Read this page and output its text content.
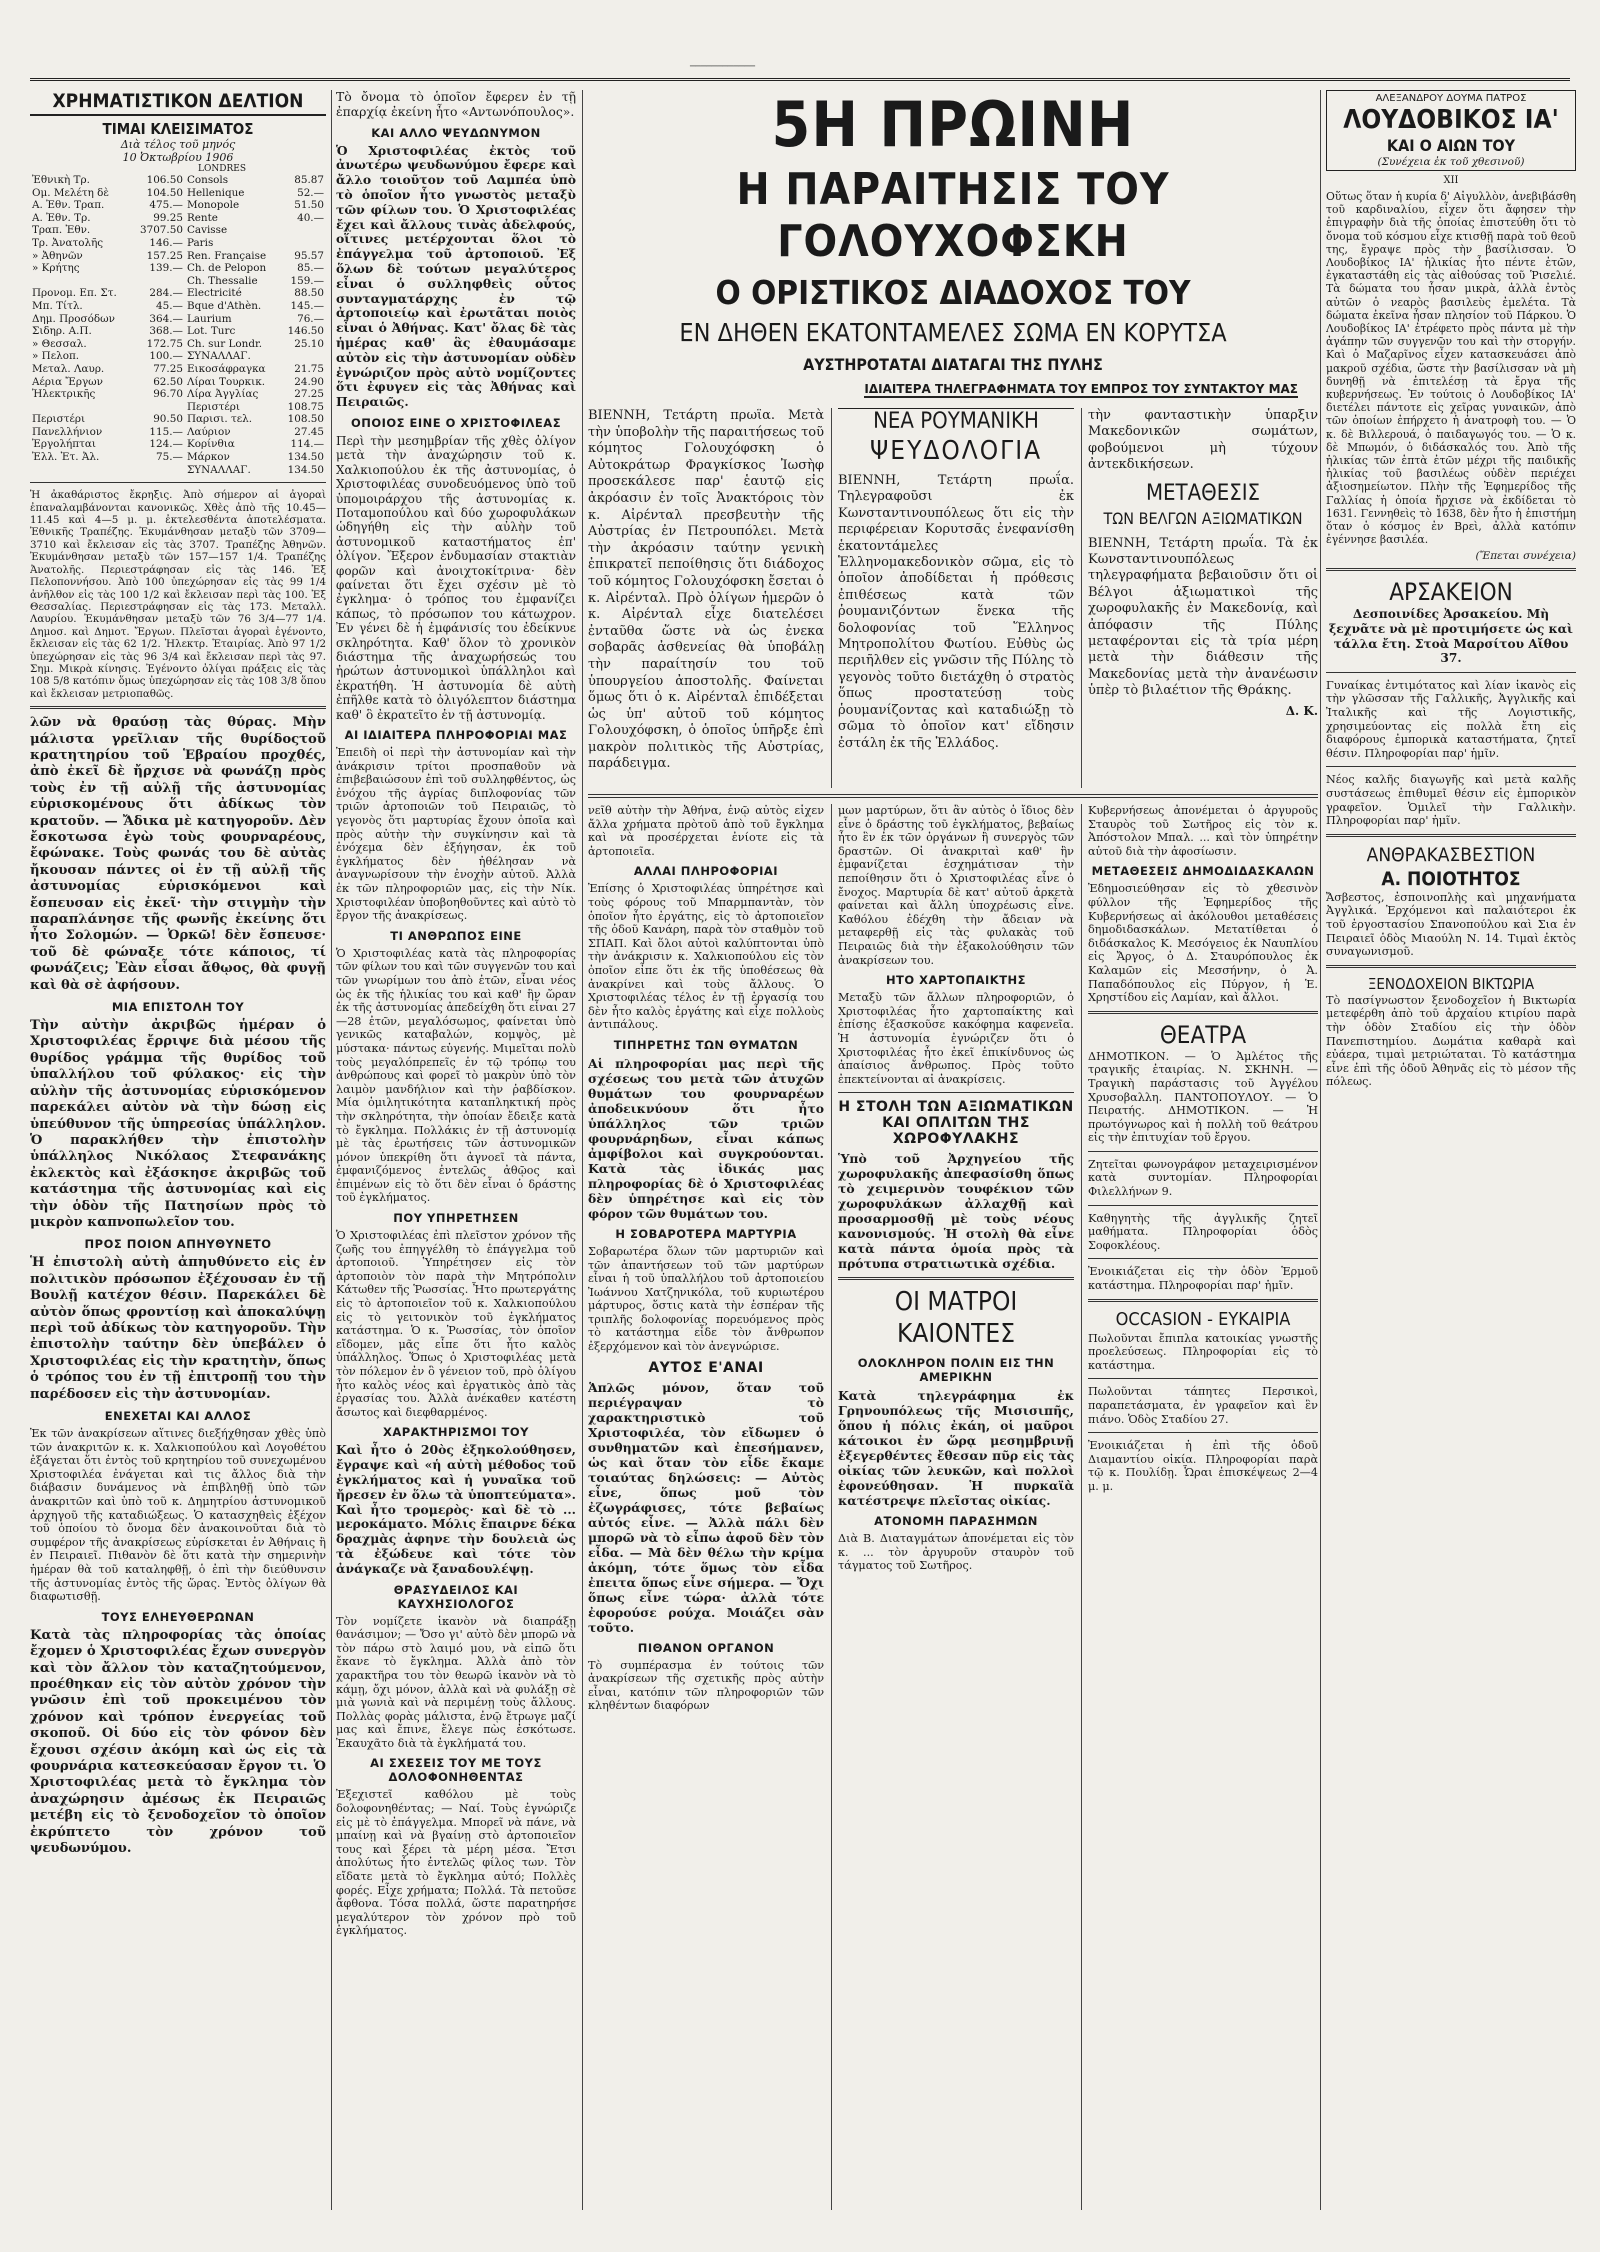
────────────
ΧΡΗΜΑΤΙΣΤΙΚΟΝ ΔΕΛΤΙΟΝ
ΤΙΜΑΙ ΚΛΕΙΣΙΜΑΤΟΣ
Διὰ τέλος τοῦ μηνός
10 Ὀκτωβρίου 1906
LONDRES
Ἐθνικὴ Τρ.	106.50	Consols	85.87
Ομ. Μελέτη δὲ	104.50	Hellenique	52.—
Α. Ἐθν. Τραπ.	475.—	Monopole	51.50
Α. Ἐθν. Τρ.	99.25	Rente	40.—
Τραπ. Ἐθν.	3707.50	Cavisse	
Τρ. Ἀνατολῆς	146.—	Paris	
» Ἀθηνῶν	157.25	Ren. Française	95.57
» Κρήτης	139.—	Ch. de Pelopon	85.—
		Ch. Thessalie	159.—
Προνομ. Επ. Στ.	284.—	Electricité	88.50
Μπ. Τίτλ.	45.—	Bque d'Athèn.	145.—
Δημ. Προσόδων	364.—	Laurium	76.—
Σιδηρ. Α.Π.	368.—	Lot. Turc	146.50
» Θεσσαλ.	172.75	Ch. sur Londr.	25.10
» Πελοπ.	100.—	ΣΥΝΑΛΛΑΓ.	
Μεταλ. Λαυρ.	77.25	Εικοσάφραγκα	21.75
Αέρια Ἔργων	62.50	Λίραι Τουρκικ.	24.90
Ἠλεκτρικῆς	96.70	Λίρα Ἀγγλίας	27.25
		Περιστέρι	108.75
Περιστέρι	90.50	Παρισι. τελ.	108.50
Πανελλήνιον	115.—	Λαύριον	27.45
Ἐργολήπται	124.—	Κορίνθια	114.—
Ἐλλ. Ἐτ. Ἀλ.	75.—	Μάρκον	134.50
		ΣΥΝΑΛΛΑΓ.	134.50

Ἡ ἀκαθάριστος ἔκρηξις. Ἀπὸ σήμερον αἱ ἀγοραὶ ἐπαναλαμβάνονται κανονικῶς. Χθὲς ἀπὸ τῆς 10.45—11.45 καὶ 4—5 μ. μ. ἐκτελεσθέντα ἀποτελέσματα. Ἐθνικῆς Τραπέζης. Ἐκυμάνθησαν μεταξὺ τῶν 3709—3710 καὶ ἔκλεισαν εἰς τὰς 3707. Τραπέζης Ἀθηνῶν. Ἐκυμάνθησαν μεταξὺ τῶν 157—157 1/4. Τραπέζης Ἀνατολῆς. Περιεστράφησαν εἰς τὰς 146. Ἐξ Πελοποννήσου. Ἀπὸ 100 ὑπεχώρησαν εἰς τὰς 99 1/4 ἀνῆλθον εἰς τὰς 100 1/2 καὶ ἔκλεισαν περὶ τὰς 100. Ἐξ Θεσσαλίας. Περιεστράφησαν εἰς τὰς 173. Μεταλλ. Λαυρίου. Ἐκυμάνθησαν μεταξὺ τῶν 76 3/4—77 1/4. Δημοσ. καὶ Δημοτ. Ἔργων. Πλεῖσται ἀγοραὶ ἐγένοντο, ἔκλεισαν εἰς τὰς 62 1/2. Ἠλεκτρ. Ἑταιρίας. Ἀπὸ 97 1/2 ὑπεχώρησαν εἰς τὰς 96 3/4 καὶ ἔκλεισαν περὶ τὰς 97. Σημ. Μικρὰ κίνησις. Ἐγένοντο ὀλίγαι πράξεις εἰς τὰς 108 5/8 κατόπιν ὅμως ὑπεχώρησαν εἰς τὰς 108 3/8 ὅπου καὶ ἔκλεισαν μετριοπαθῶς.

λῶν νὰ θραύσῃ τὰς θύρας. Μὴν μάλιστα γρεῖλιαν τῆς θυρίδοςτοῦ κρατητηρίου τοῦ Ἑβραίου προχθές, ἀπὸ ἐκεῖ δὲ ἤρχισε νὰ φωνάζῃ πρὸς τοὺς ἐν τῇ αὐλῇ τῆς ἀστυνομίας εὑρισκομένους ὅτι ἀδίκως τὸν κρατοῦν. — Ἄδικα μὲ κατηγοροῦν. Δὲν ἔσκοτωσα ἐγὼ τοὺς φουρναρέους, ἔφώνακε. Τοὺς φωνάς του δὲ αὐτὰς ἤκουσαν πάντες οἱ ἐν τῇ αὐλῇ τῆς ἀστυνομίας εὑρισκόμενοι καὶ ἔσπευσαν εἰς ἐκεῖ· τὴν στιγμὴν τὴν παραπλάνησε τῆς φωνῆς ἐκείνης ὅτι ἦτο Σολομών. — Ὀρκῶ! δὲν ἔσπευσε· τοῦ δὲ φώναξε τότε κάποιος, τί φωνάζεις; Ἐὰν εἶσαι ἄθῳος, θὰ φυγῇ καὶ θὰ σὲ ἀφήσουν.

ΜΙΑ ΕΠΙΣΤΟΛΗ ΤΟΥ

Τὴν αὐτὴν ἀκριβῶς ἡμέραν ὁ Χριστοφιλέας ἔρριψε διὰ μέσου τῆς θυρίδος γράμμα τῆς θυρίδος τοῦ ὑπαλλήλου τοῦ φύλακος· εἰς τὴν αὐλὴν τῆς ἀστυνομίας εὑρισκόμενον παρεκάλει αὐτὸν νὰ τὴν δώσῃ εἰς ὑπεύθυνον τῆς ὑπηρεσίας ὑπάλληλον. Ὁ παρακλήθεν τὴν ἐπιστολὴν ὑπάλληλος Νικόλαος Στεφανάκης ἐκλεκτὸς καὶ ἐξάσκησε ἀκριβῶς τοῦ κατάστημα τῆς ἀστυνομίας καὶ εἰς τὴν ὁδὸν τῆς Πατησίων πρὸς τὸ μικρὸν καπνοπωλεῖον του.

ΠΡΟΣ ΠΟΙΟΝ ΑΠΗΥΘΥΝΕΤΟ

Ἡ ἐπιστολὴ αὐτὴ ἀπηυθύνετο εἰς ἐν πολιτικὸν πρόσωπον ἐξέχουσαν ἐν τῇ Βουλῇ κατέχον θέσιν. Παρεκάλει δὲ αὐτὸν ὅπως φροντίσῃ καὶ ἀποκαλύψῃ περὶ τοῦ ἀδίκως τὸν κατηγοροῦν. Τὴν ἐπιστολὴν ταύτην δὲν ὑπεβάλεν ὁ Χριστοφιλέας εἰς τὴν κρατητὴν, ὅπως ὁ τρόπος του ἐν τῇ ἐπιτροπῇ του τὴν παρέδοσεν εἰς τὴν ἀστυνομίαν.

ΕΝΕΧΕΤΑΙ ΚΑΙ ΑΛΛΟΣ

Ἐκ τῶν ἀνακρίσεων αἵτινες διεξήχθησαν χθὲς ὑπὸ τῶν ἀνακριτῶν κ. κ. Χαλκιοπούλου καὶ Λογοθέτου ἐξάγεται ὅτι ἐντὸς τοῦ κρητηρίου τοῦ συνεχωμένου Χριστοφιλέα ἐνάγεται καὶ τις ἄλλος διὰ τὴν διάβασιν δυνάμενος νὰ ἐπιβληθῇ ὑπὸ τῶν ἀνακριτῶν καὶ ὑπὸ τοῦ κ. Δημητρίου ἀστυνομικοῦ ἀρχηγοῦ τῆς καταδιώξεως. Ὁ κατασχηθεὶς ἐξέχον τοῦ ὁποίου τὸ ὄνομα δὲν ἀνακοινοῦται διὰ τὸ συμφέρον τῆς ἀνακρίσεως εὑρίσκεται ἐν Ἀθήναις ἢ ἐν Πειραιεῖ. Πιθανὸν δὲ ὅτι κατὰ τὴν σημερινὴν ἡμέραν θὰ τοῦ καταληφθῇ, ὁ ἐπὶ τὴν διεύθυνσιν τῆς ἀστυνομίας ἐντὸς τῆς ὥρας. Ἐντὸς ὀλίγων θὰ διαφωτισθῇ.

ΤΟΥΣ ΕΛΗΕΥΘΕΡΩΝΑΝ

Κατὰ τὰς πληροφορίας τὰς ὁποίας ἔχομεν ὁ Χριστοφιλέας ἔχων συνεργὸν καὶ τὸν ἄλλον τὸν καταζητούμενον, προέθηκαν εἰς τὸν αὐτὸν χρόνον τὴν γνῶσιν ἐπὶ τοῦ προκειμένου τὸν χρόνον καὶ τρόπον ἐνεργείας τοῦ σκοποῦ. Οἱ δύο εἰς τὸν φόνον δὲν ἔχουσι σχέσιν ἀκόμη καὶ ὡς εἰς τὰ φουρνάρια κατεσκεύασαν ἔργον τι. Ὁ Χριστοφιλέας μετὰ τὸ ἔγκλημα τὸν ἀναχώρησιν ἀμέσως ἐκ Πειραιῶς μετέβη εἰς τὸ ξενοδοχεῖον τὸ ὁποῖον ἐκρύπτετο τὸν χρόνον τοῦ ψευδωνύμου.

Τὸ ὄνομα τὸ ὁποῖον ἔφερεν ἐν τῇ ἐπαρχίᾳ ἐκείνη ἦτο «Αντωνόπουλος».

ΚΑΙ ΑΛΛΟ ΨΕΥΔΩΝΥΜΟΝ

Ὁ Χριστοφιλέας ἐκτὸς τοῦ ἀνωτέρω ψευδωνύμου ἔφερε καὶ ἄλλο τοιοῦτον τοῦ Λαμπέα ὑπὸ τὸ ὁποῖον ἦτο γνωστὸς μεταξὺ τῶν φίλων του. Ὁ Χριστοφιλέας ἔχει καὶ ἄλλους τινὰς ἀδελφούς, οἵτινες μετέρχονται ὅλοι τὸ ἐπάγγελμα τοῦ ἀρτοποιοῦ. Ἐξ ὅλων δὲ τούτων μεγαλύτερος εἶναι ὁ συλληφθεὶς οὗτος συνταγματάρχης ἐν τῷ ἀρτοποιείῳ καὶ ἐρωτᾶται ποιὸς εἶναι ὁ Ἀθήνας. Κατ' ὄλας δὲ τὰς ἡμέρας καθ' ἃς ἐθαυμάσαμε αὐτὸν εἰς τὴν ἀστυνομίαν οὐδὲν ἐγνώριζον πρὸς αὐτὸ νομίζοντες ὅτι ἐφυγεν εἰς τὰς Ἀθήνας καὶ Πειραιῶς.

ΟΠΟΙΟΣ ΕΙΝΕ Ο ΧΡΙΣΤΟΦΙΛΕΑΣ

Περὶ τὴν μεσημβρίαν τῆς χθὲς ὀλίγον μετὰ τὴν ἀναχώρησιν τοῦ κ. Χαλκιοπούλου ἐκ τῆς ἀστυνομίας, ὁ Χριστοφιλέας συνοδευόμενος ὑπὸ τοῦ ὑπομοιράρχου τῆς ἀστυνομίας κ. Ποταμοπούλου καὶ δύο χωροφυλάκων ὡδηγήθη εἰς τὴν αὐλὴν τοῦ ἀστυνομικοῦ καταστήματος ἐπ' ὀλίγον. Ἔξερον ἐνδυμασίαν στακτιὰν φορῶν καὶ ἀνοιχτοκίτρινα· δὲν φαίνεται ὅτι ἔχει σχέσιν μὲ τὸ ἐγκλημα· ὁ τρόπος του ἐμφανίζει κάπως, τὸ πρόσωπον του κάτωχρον. Ἐν γένει δὲ ἡ ἐμφάνισίς του ἐδείκνυε σκληρότητα. Καθ' ὅλον τὸ χρονικὸν διάστημα τῆς ἀναχωρήσεώς του ἠρώτων ἀστυνομικοὶ ὑπάλληλοι καὶ ἐκρατήθη. Ἡ ἀστυνομία δὲ αὐτὴ ἐπῆλθε κατὰ τὸ ὀλιγόλεπτον διάστημα καθ' ὃ ἐκρατεῖτο ἐν τῇ ἀστυνομίᾳ.

ΑΙ ΙΔΙΑΙΤΕΡΑ ΠΛΗΡΟΦΟΡΙΑΙ ΜΑΣ

Ἐπειδὴ οἱ περὶ τὴν ἀστυνομίαν καὶ τὴν ἀνάκρισιν τρίτοι προσπαθοῦν νὰ ἐπιβεβαιώσουν ἐπὶ τοῦ συλληφθέντος, ὡς ἐνόχου τῆς ἀγρίας διπλοφονίας τῶν τριῶν ἀρτοποιῶν τοῦ Πειραιῶς, τὸ γεγονὸς ὅτι μαρτυρίας ἔχουν ὁποῖα καὶ πρὸς αὐτὴν τὴν συγκίνησιν καὶ τὰ ἐνόχεμα δὲν ἐξήγησαν, ἐκ τοῦ ἐγκλήματος δὲν ἠθέλησαν νὰ ἀναγνωρίσουν τὴν ἐνοχὴν αὐτοῦ. Ἀλλὰ ἐκ τῶν πληροφοριῶν μας, εἰς τὴν Νίκ. Χριστοφιλέαν ὑποβοηθοῦντες καὶ αὐτὸ τὸ ἔργον τῆς ἀνακρίσεως.

ΤΙ ΑΝΘΡΩΠΟΣ ΕΙΝΕ

Ὁ Χριστοφιλέας κατὰ τὰς πληροφορίας τῶν φίλων του καὶ τῶν συγγενῶν του καὶ τῶν γνωρίμων του ἀπὸ ἐτῶν, εἶναι νέος ὡς ἐκ τῆς ἡλικίας του καὶ καθ' ἣν ὥραν ἐκ τῆς ἀστυνομίας ἀπεδείχθη ὅτι εἶναι 27—28 ἐτῶν, μεγαλόσωμος, φαίνεται ὑπὸ γενικῶς καταβαλών, κομψὸς, μὲ μύστακα· πάντως εὐγενής. Μιμεῖται πολὺ τοὺς μεγαλόπρεπεῖς ἐν τῷ τρόπῳ του ἀνθρώπους καὶ φορεῖ τὸ μακρὺν ὑπὸ τὸν λαιμὸν μανδήλιον καὶ τὴν ῥαβδίσκον. Μία ὁμιλητικότητα καταπληκτική πρὸς τὴν σκληρότητα, τὴν ὁποίαν ἔδειξε κατὰ τὸ ἔγκλημα. Πολλάκις ἐν τῇ ἀστυνομίᾳ μὲ τὰς ἐρωτήσεις τῶν ἀστυνομικῶν μόνον ὑπεκρίθη ὅτι ἀγνοεῖ τὰ πάντα, ἐμφανιζόμενος ἐντελῶς ἀθῷος καὶ ἐπιμένων εἰς τὸ ὅτι δὲν εἶναι ὁ δράστης τοῦ ἐγκλήματος.

ΠΟΥ ΥΠΗΡΕΤΗΣΕΝ

Ὁ Χριστοφιλέας ἐπὶ πλεῖστον χρόνον τῆς ζωῆς του ἐπηγγέλθη τὸ ἐπάγγελμα τοῦ ἀρτοποιοῦ. Ὑπηρέτησεν εἰς τὸν ἀρτοποιὸν τὸν παρὰ τὴν Μητρόπολιν Κάτωθεν τῆς Ῥωσσίας. Ἦτο πρωτεργάτης εἰς τὸ ἀρτοποιεῖον τοῦ κ. Χαλκιοπούλου εἰς τὸ γειτονικὸν τοῦ ἐγκλήματος κατάστημα. Ὁ κ. Ῥωσσίας, τὸν ὁποῖον εἴδομεν, μᾶς εἶπε ὅτι ἦτο καλὸς ὑπάλληλος. Ὅπως ὁ Χριστοφιλέας μετὰ τὸν πόλεμον ἐν ὃ γένειον τοῦ, πρὸ ὀλίγου ἦτο καλὸς νέος καὶ ἐργατικὸς ἀπὸ τὰς ἐργασίας του. Ἀλλὰ ἀνέκαθεν κατέστη ἄσωτος καὶ διεφθαρμένος.

ΧΑΡΑΚΤΗΡΙΣΜΟΙ ΤΟΥ

Καὶ ἦτο ὁ 20ὸς ἐξηκολούθησεν, ἔγραψε καὶ «ἡ αὐτὴ μέθοδος τοῦ ἐγκλήματος καὶ ἡ γυναῖκα τοῦ ἤρεσεν ἐν ὅλω τὰ ὑποπτεύματα». Καὶ ἦτο τρομερὸς· καὶ δὲ τὸ ... μεροκάματο. Μόλις ἔπαιρνε δέκα δραχμὰς ἀφηνε τὴν δουλειὰ ὡς τὰ ἐξώδευε καὶ τότε τὸν ἀνάγκαζε νὰ ξαναδουλέψῃ.

ΘΡΑΣΥΔΕΙΛΟΣ ΚΑΙ ΚΑΥΧΗΣΙΟΛΟΓΟΣ

Τὸν νομίζετε ἱκανὸν νὰ διαπράξῃ θανάσιμον; — Ὄσο γι' αὐτὸ δὲν μπορῶ νὰ τὸν πάρω στὸ λαιμό μου, νὰ εἰπῶ ὅτι ἔκανε τὸ ἔγκλημα. Ἀλλὰ ἀπὸ τὸν χαρακτῆρα του τὸν θεωρῶ ἱκανὸν νὰ τὸ κάμῃ, ὄχι μόνον, ἀλλὰ καὶ νὰ φυλάξῃ σὲ μιὰ γωνιὰ καὶ νὰ περιμένῃ τοὺς ἄλλους. Πολλὰς φορὰς μάλιστα, ἐνῷ ἔτρωγε μαζί μας καὶ ἔπινε, ἔλεγε πὼς ἐσκότωσε. Ἐκαυχᾶτο διὰ τὰ ἐγκλήματά του.

ΑΙ ΣΧΕΣΕΙΣ ΤΟΥ ΜΕ ΤΟΥΣ ΔΟΛΟΦΟΝΗΘΕΝΤΑΣ

Ἐξεχιστεῖ καθόλου μὲ τοὺς δολοφονηθέντας; — Ναί. Τοὺς ἐγνώριζε εἰς μὲ τὸ ἐπάγγελμα. Μπορεῖ νὰ πάνε, νὰ μπαίνῃ καὶ νὰ βγαίνῃ στὸ ἀρτοποιεῖον τους καὶ ξέρει τὰ μέρη μέσα. Ἔτσι ἀπολύτως ἦτο ἐντελῶς φίλος των. Τὸν εἴδατε μετὰ τὸ ἔγκλημα αὐτό; Πολλὲς φορές. Εἶχε χρήματα; Πολλά. Τὰ πετοῦσε ἄφθονα. Τόσα πολλά, ὥστε παρατηρήσε μεγαλύτερον τὸν χρόνον πρὸ τοῦ ἐγκλήματος.

5Η ΠΡΩΙΝΗ
Η ΠΑΡΑΙΤΗΣΙΣ ΤΟΥ ΓΟΛΟΥΧΟΦΣΚΗ
Ο ΟΡΙΣΤΙΚΟΣ ΔΙΑΔΟΧΟΣ ΤΟΥ
ΕΝ ΔΗΘΕΝ ΕΚΑΤΟΝΤΑΜΕΛΕΣ ΣΩΜΑ ΕΝ ΚΟΡΥΤΣΑ
ΑΥΣΤΗΡΟΤΑΤΑΙ ΔΙΑΤΑΓΑΙ ΤΗΣ ΠΥΛΗΣ
ΙΔΙΑΙΤΕΡΑ ΤΗΛΕΓΡΑΦΗΜΑΤΑ ΤΟΥ ΕΜΠΡΟΣ ΤΟΥ ΣΥΝΤΑΚΤΟΥ ΜΑΣ

ΒΙΕΝΝΗ, Τετάρτη πρωΐα. Μετὰ τὴν ὑποβολὴν τῆς παραιτήσεως τοῦ κόμητος Γολουχόφσκη ὁ Αὐτοκράτωρ Φραγκίσκος Ἰωσὴφ προσεκάλεσε παρ' ἑαυτῷ εἰς ἀκρόασιν ἐν τοῖς Ἀνακτόροις τὸν κ. Αἰρένταλ πρεσβευτὴν τῆς Αὐστρίας ἐν Πετρουπόλει. Μετὰ τὴν ἀκρόασιν ταύτην γενικὴ ἐπικρατεῖ πεποίθησις ὅτι διάδοχος τοῦ κόμητος Γολουχόφσκη ἔσεται ὁ κ. Αἰρένταλ. Πρὸ ὀλίγων ἡμερῶν ὁ κ. Αἰρένταλ εἶχε διατελέσει ἐνταῦθα ὥστε νὰ ὡς ἐνεκα σοβαρᾶς ἀσθενείας θὰ ὑποβάλῃ τὴν παραίτησίν του τοῦ ὑπουργείου ἀποστολῆς. Φαίνεται ὅμως ὅτι ὁ κ. Αἰρένταλ ἐπιδέξεται ὡς ὑπ' αὐτοῦ τοῦ κόμητος Γολουχόφσκη, ὁ ὁποῖος ὑπῆρξε ἐπὶ μακρὸν πολιτικὸς τῆς Αὐστρίας, παράδειγμα.

ΝΕΑ ΡΟΥΜΑΝΙΚΗ
ΨΕΥΔΟΛΟΓΙΑ

ΒΙΕΝΝΗ, Τετάρτη πρωΐα. Τηλεγραφοῦσι ἐκ Κωνσταντινουπόλεως ὅτι εἰς τὴν περιφέρειαν Κορυτσᾶς ἐνεφανίσθη ἑκατοντάμελες Ἑλληνομακεδονικὸν σῶμα, εἰς τὸ ὁποῖον ἀποδίδεται ἡ πρόθεσις ἐπιθέσεως κατὰ τῶν ῥουμανιζόντων ἕνεκα τῆς δολοφονίας τοῦ Ἕλληνος Μητροπολίτου Φωτίου. Εὐθὺς ὡς περιῆλθεν εἰς γνῶσιν τῆς Πύλης τὸ γεγονὸς τοῦτο διετάχθη ὁ στρατὸς ὅπως προστατεύσῃ τοὺς ῥουμανίζοντας καὶ καταδιώξῃ τὸ σῶμα τὸ ὁποῖον κατ' εἴδησιν ἐστάλη ἐκ τῆς Ἑλλάδος.

τὴν φανταστικὴν ὑπαρξιν Μακεδονικῶν σωμάτων, φοβούμενοι μὴ τύχουν ἀντεκδικήσεων.

ΜΕΤΑΘΕΣΙΣ
ΤΩΝ ΒΕΛΓΩΝ ΑΞΙΩΜΑΤΙΚΩΝ

ΒΙΕΝΝΗ, Τετάρτη πρωΐα. Τὰ ἐκ Κωνσταντινουπόλεως τηλεγραφήματα βεβαιοῦσιν ὅτι οἱ Βέλγοι ἀξιωματικοὶ τῆς χωροφυλακῆς ἐν Μακεδονίᾳ, καὶ ἀπόφασιν τῆς Πύλης μεταφέρονται εἰς τὰ τρία μέρη μετὰ τὴν διάθεσιν τῆς Μακεδονίας μετὰ τὴν ἀνανέωσιν ὑπὲρ τὸ βιλαέτιον τῆς Θράκης.

Δ. Κ.

νεῖθ αὐτὴν τὴν Ἀθήνα, ἐνῷ αὐτὸς εἶχεν ἄλλα χρήματα πρὸτοῦ ἀπὸ τοῦ ἔγκλημα καὶ νὰ προσέρχεται ἐνίοτε εἰς τὰ ἀρτοποιεῖα.

ΑΛΛΑΙ ΠΛΗΡΟΦΟΡΙΑΙ

Ἐπίσης ὁ Χριστοφιλέας ὑπηρέτησε καὶ τοὺς φόρους τοῦ Μπαρμπαντὰν, τὸν ὁποῖον ἦτο ἐργάτης, εἰς τὸ ἀρτοποιεῖον τῆς ὁδοῦ Κανάρη, παρὰ τὸν σταθμὸν τοῦ ΣΠΑΠ. Καὶ ὅλοι αὐτοὶ καλύπτονται ὑπὸ τὴν ἀνάκρισιν κ. Χαλκιοπούλου εἰς τὸν ὁποῖον εἶπε ὅτι ἐκ τῆς ὑποθέσεως θὰ ἀνακρίνει καὶ τοὺς ἄλλους. Ὁ Χριστοφιλέας τέλος ἐν τῇ ἐργασίᾳ του δὲν ἦτο καλὸς ἐργάτης καὶ εἶχε πολλοὺς ἀντιπάλους.

ΤΙΠΗΡΕΤΗΣ ΤΩΝ ΘΥΜΑΤΩΝ

Αἱ πληροφορίαι μας περὶ τῆς σχέσεως του μετὰ τῶν ἀτυχῶν θυμάτων του φουρναρέων ἀποδεικνύουν ὅτι ἦτο ὑπάλληλος τῶν τριῶν φουρνάρηδων, εἶναι κάπως ἀμφίβολοι καὶ συγκρούονται. Κατὰ τὰς ἰδικάς μας πληροφορίας δὲ ὁ Χριστοφιλέας δὲν ὑπηρέτησε καὶ εἰς τὸν φόρον τῶν θυμάτων του.

Η ΣΟΒΑΡΟΤΕΡΑ ΜΑΡΤΥΡΙΑ

Σοβαρωτέρα ὅλων τῶν μαρτυριῶν καὶ τῶν ἀπαντήσεων τοῦ τῶν μαρτύρων εἶναι ἡ τοῦ ὑπαλλήλου τοῦ ἀρτοποιείου Ἰωάννου Χατζηνικόλα, τοῦ κυριωτέρου μάρτυρος, ὅστις κατὰ τὴν ἑσπέραν τῆς τριπλῆς δολοφονίας πορευόμενος πρὸς τὸ κατάστημα εἶδε τὸν ἄνθρωπον ἐξερχόμενον καὶ τὸν ἀνεγνώρισε.

ΑΥΤΟΣ Ε'ΑΝΑΙ

Ἁπλῶς μόνον, ὅταν τοῦ περιέγραψαν τὸ χαρακτηριστικὸ τοῦ Χριστοφιλέα, τὸν εἴδωμεν ὁ συνθηματῶν καὶ ἐπεσήμανεν, ὡς καὶ ὅταν τὸν εἶδε ἔκαμε τοιαύτας δηλώσεις: — Αὐτὸς εἶνε, ὅπως μοῦ τὸν ἐζωγράφισες, τότε βεβαίως αὐτός εἶνε. — Ἀλλὰ πάλι δὲν μπορῶ νὰ τὸ εἶπω ἀφοῦ δὲν τὸν εἶδα. — Μὰ δὲν θέλω τὴν κρίμα ἀκόμη, τότε ὅμως τὸν εἶδα ἐπειτα ὅπως εἶνε σήμερα. — Ὄχι ὅπως εἶνε τώρα· ἀλλὰ τότε ἐφορούσε ρούχα. Μοιάζει σὰν τοῦτο.

ΠΙΘΑΝΟΝ ΟΡΓΑΝΟΝ

Τὸ συμπέρασμα ἐν τούτοις τῶν ἀνακρίσεων τῆς σχετικῆς πρὸς αὐτὴν εἶναι, κατόπιν τῶν πληροφοριῶν τῶν κληθέντων διαφόρων

μων μαρτύρων, ὅτι ἂν αὐτὸς ὁ ἴδιος δὲν εἶνε ὁ δράστης τοῦ ἐγκλήματος, βεβαίως ἦτο ἓν ἐκ τῶν ὀργάνων ἢ συνεργὸς τῶν δραστῶν. Οἱ ἀνακριταὶ καθ' ἣν ἐμφανίζεται ἐσχημάτισαν τὴν πεποίθησιν ὅτι ὁ Χριστοφιλέας εἶνε ὁ ἔνοχος. Μαρτυρία δὲ κατ' αὐτοῦ ἀρκετὰ φαίνεται καὶ ἄλλη ὑποχρέωσις εἶνε. Καθόλου ἐδέχθη τὴν ἄδειαν νὰ μεταφερθῇ εἰς τὰς φυλακὰς τοῦ Πειραιῶς διὰ τὴν ἐξακολούθησιν τῶν ἀνακρίσεων του.

ΗΤΟ ΧΑΡΤΟΠΑΙΚΤΗΣ

Μεταξὺ τῶν ἄλλων πληροφοριῶν, ὁ Χριστοφιλέας ἦτο χαρτοπαίκτης καὶ ἐπίσης ἐξασκοῦσε κακόφημα καφενεῖα. Ἡ ἀστυνομία ἐγνώριζεν ὅτι ὁ Χριστοφιλέας ἦτο ἐκεῖ ἐπικίνδυνος ὡς ἀπαίσιος ἄνθρωπος. Πρὸς τοῦτο ἐπεκτείνονται αἱ ἀνακρίσεις.

Η ΣΤΟΛΗ ΤΩΝ ΑΞΙΩΜΑΤΙΚΩΝ ΚΑΙ ΟΠΛΙΤΩΝ ΤΗΣ ΧΩΡΟΦΥΛΑΚΗΣ

Ὑπὸ τοῦ Ἀρχηγείου τῆς χωροφυλακῆς ἀπεφασίσθη ὅπως τὸ χειμερινὸν τουφέκιον τῶν χωροφυλάκων ἀλλαχθῇ καὶ προσαρμοσθῇ μὲ τοὺς νέους κανονισμούς. Ἡ στολὴ θὰ εἶνε κατὰ πάντα ὁμοία πρὸς τὰ πρότυπα στρατιωτικὰ σχέδια.

ΟΙ ΜΑΤΡΟΙ ΚΑΙΟΝΤΕΣ
ΟΛΟΚΛΗΡΟΝ ΠΟΛΙΝ ΕΙΣ ΤΗΝ ΑΜΕΡΙΚΗΝ

Κατὰ τηλεγράφημα ἐκ Γρηνουπόλεως τῆς Μισισιπῆς, ὅπου ἡ πόλις ἐκάη, οἱ μαῦροι κάτοικοι ἐν ὥρᾳ μεσημβρινῇ ἐξεγερθέντες ἔθεσαν πῦρ εἰς τὰς οἰκίας τῶν λευκῶν, καὶ πολλοὶ ἐφονεύθησαν. Ἡ πυρκαϊὰ κατέστρεψε πλεῖστας οἰκίας.

ΑΤΟΝΟΜΗ ΠΑΡΑΣΗΜΩΝ

Διὰ Β. Διαταγμάτων ἀπονέμεται εἰς τὸν κ. ... τὸν ἀργυροῦν σταυρὸν τοῦ τάγματος τοῦ Σωτῆρος.

Κυβερνήσεως ἀπονέμεται ὁ ἀργυροῦς Σταυρὸς τοῦ Σωτῆρος εἰς τὸν κ. Ἀπόστολον Μπαλ. ... καὶ τὸν ὑπηρέτην αὐτοῦ διὰ τὴν ἀφοσίωσιν.

ΜΕΤΑΘΕΣΕΙΣ ΔΗΜΟΔΙΔΑΣΚΑΛΩΝ

Ἐδημοσιεύθησαν εἰς τὸ χθεσινὸν φύλλον τῆς Ἐφημερίδος τῆς Κυβερνήσεως αἱ ἀκόλουθοι μεταθέσεις δημοδιδασκάλων. Μετατίθεται ὁ διδάσκαλος Κ. Μεσόγειος ἐκ Ναυπλίου εἰς Ἄργος, ὁ Δ. Σταυρόπουλος ἐκ Καλαμῶν εἰς Μεσσήνην, ὁ Ἀ. Παπαδόπουλος εἰς Πύργον, ἡ Ἑ. Χρηστίδου εἰς Λαμίαν, καὶ ἄλλοι.

ΘΕΑΤΡΑ

ΔΗΜΟΤΙΚΟΝ. — Ὁ Ἀμλέτος τῆς τραγικῆς ἐταιρίας. Ν. ΣΚΗΝΗ. — Τραγικὴ παράστασις τοῦ Ἀγγέλου Χρυσοβαλλη. ΠΑΝΤΟΠΟΥΛΟΥ. — Ὁ Πειρατής. ΔΗΜΟΤΙΚΟΝ. — Ἡ πρωτόγνωρος καὶ ἡ πολλὴ τοῦ θεάτρου εἰς τὴν ἐπιτυχίαν τοῦ ἔργου.

Ζητεῖται φωνογράφον μεταχειρισμένον κατὰ συντομίαν. Πληροφορίαι Φιλελλήνων 9.

Καθηγητὴς τῆς ἀγγλικῆς ζητεῖ μαθήματα. Πληροφορίαι ὁδὸς Σοφοκλέους.

Ἐνοικιάζεται εἰς τὴν ὁδὸν Ἑρμοῦ κατάστημα. Πληροφορίαι παρ' ἡμῖν.

OCCASION - ΕΥΚΑΙΡΙΑ

Πωλοῦνται ἔπιπλα κατοικίας γνωστῆς προελεύσεως. Πληροφορίαι εἰς τὸ κατάστημα.

Πωλοῦνται τάπητες Περσικοὶ, παραπετάσματα, ἐν γραφεῖον καὶ ἓν πιάνο. Ὁδὸς Σταδίου 27.

Ἐνοικιάζεται ἡ ἐπὶ τῆς ὁδοῦ Διαμαντίου οἰκία. Πληροφορίαι παρὰ τῷ κ. Πουλίδῃ. Ὧραι ἐπισκέψεως 2—4 μ. μ.

ΑΛΕΞΑΝΔΡΟΥ ΔΟΥΜΑ ΠΑΤΡΟΣ
ΛΟΥΔΟΒΙΚΟΣ ΙΑ'
ΚΑΙ Ο ΑΙΩΝ ΤΟΥ
(Συνέχεια ἐκ τοῦ χθεσινοῦ)
XII

Οὕτως ὅταν ἡ κυρία δ' Αἰγυλλὸν, ἀνεβιβάσθη τοῦ καρδιναλίου, εἶχεν ὅτι ἄφησεν τὴν ἐπιγραφὴν διὰ τῆς ὁποίας ἐπιστεύθη ὅτι τὸ ὄνομα τοῦ κόσμου εἶχε κτισθῇ παρὰ τοῦ θεοῦ της, ἔγραψε πρὸς τὴν βασίλισσαν. Ὁ Λουδοβίκος ΙΑ' ἠλικίας ἦτο πέντε ἐτῶν, ἐγκαταστάθη εἰς τὰς αἰθούσας τοῦ Ῥισελιέ. Τὰ δώματα του ἦσαν μικρὰ, ἀλλὰ ἐντὸς αὐτῶν ὁ νεαρὸς βασιλεὺς ἐμελέτα. Τὰ δώματα ἐκεῖνα ἦσαν πλησίον τοῦ Πάρκου. Ὁ Λουδοβίκος ΙΑ' ἐτρέφετο πρὸς πάντα μὲ τὴν ἀγάπην τῶν συγγενῶν του καὶ τὴν στοργήν. Καὶ ὁ Μαζαρῖνος εἶχεν κατασκευάσει ἀπὸ μακροῦ σχέδια, ὥστε τὴν βασίλισσαν νὰ μὴ δυνηθῇ νὰ ἐπιτελέσῃ τὰ ἔργα τῆς κυβερνήσεως. Ἐν τούτοις ὁ Λουδοβίκος ΙΑ' διετέλει πάντοτε εἰς χεῖρας γυναικῶν, ἀπὸ τῶν ὁποίων ἐπήρχετο ἡ ἀνατροφὴ του. — Ὁ κ. δὲ Βιλλερουά, ὁ παιδαγωγός του. — Ὁ κ. δὲ Μπωμόν, ὁ διδάσκαλός του. Ἀπὸ τῆς ἡλικίας τῶν ἑπτὰ ἐτῶν μέχρι τῆς παιδικῆς ἡλικίας τοῦ βασιλέως οὐδὲν περιέχει ἀξιοσημείωτον. Πλὴν τῆς Ἐφημερίδος τῆς Γαλλίας ἡ ὁποία ἤρχισε νὰ ἐκδίδεται τὸ 1631. Γεννηθεὶς τὸ 1638, δὲν ἦτο ἡ ἐπιστήμη ὅταν ὁ κόσμος ἐν Βρεὶ, ἀλλὰ κατόπιν ἐγέννησε βασιλέα.

(Ἔπεται συνέχεια)
ΑΡΣΑΚΕΙΟΝ

Δεσποινίδες Ἀρσακείου. Μὴ ξεχνᾶτε νὰ μὲ προτιμήσετε ὡς καὶ τάλλα ἔτη. Στοὰ Μαρσίτου Αἴθου 37.

Γυναίκας ἐντιμότατος καὶ λίαν ἱκανὸς εἰς τὴν γλῶσσαν τῆς Γαλλικῆς, Ἀγγλικῆς καὶ Ἰταλικῆς καὶ τῆς Λογιστικῆς, χρησιμεύοντας εἰς πολλὰ ἔτη εἰς διαφόρους ἐμπορικὰ καταστήματα, ζητεῖ θέσιν. Πληροφορίαι παρ' ἡμῖν.

Νέος καλῆς διαγωγῆς καὶ μετὰ καλῆς συστάσεως ἐπιθυμεῖ θέσιν εἰς ἐμπορικὸν γραφεῖον. Ὁμιλεῖ τὴν Γαλλικὴν. Πληροφορίαι παρ' ἡμῖν.

ΑΝΘΡΑΚΑΣΒΕΣΤΙΟΝ
Α. ΠΟΙΟΤΗΤΟΣ

Ἄσβεστος, ἐσποινοπλὴς καὶ μηχανήματα Ἀγγλικά. Ἐρχόμενοι καὶ παλαιότεροι ἐκ τοῦ ἐργοστασίου Σπανοπούλου καὶ Σια ἐν Πειραιεῖ ὁδὸς Μιαούλη Ν. 14. Τιμαὶ ἐκτὸς συναγωνισμοῦ.

ΞΕΝΟΔΟΧΕΙΟΝ ΒΙΚΤΩΡΙΑ

Τὸ πασίγνωστον ξενοδοχεῖον ἡ Βικτωρία μετεφέρθη ἀπὸ τοῦ ἀρχαίου κτιρίου παρὰ τὴν ὁδὸν Σταδίου εἰς τὴν ὁδὸν Πανεπιστημίου. Δωμάτια καθαρὰ καὶ εὐάερα, τιμαὶ μετριώταται. Τὸ κατάστημα εἶνε ἐπὶ τῆς ὁδοῦ Ἀθηνᾶς εἰς τὸ μέσον τῆς πόλεως.
